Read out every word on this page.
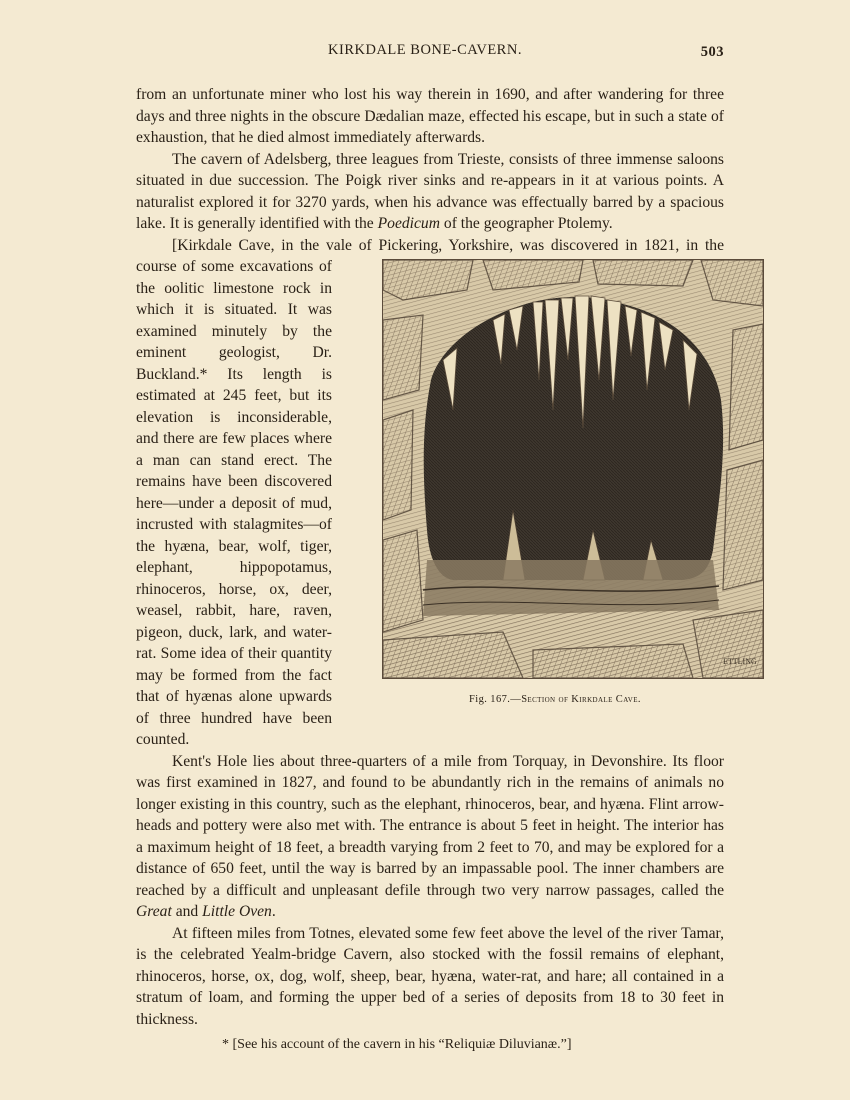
KIRKDALE BONE-CAVERN.	503

from an unfortunate miner who lost his way therein in 1690, and after wandering for three days and three nights in the obscure Dædalian maze, effected his escape, but in such a state of exhaustion, that he died almost immediately afterwards.

The cavern of Adelsberg, three leagues from Trieste, consists of three immense saloons situated in due succession. The Poigk river sinks and re-appears in it at various points. A naturalist explored it for 3270 yards, when his advance was effectually barred by a spacious lake. It is generally identified with the Poedicum of the geographer Ptolemy.

ETTLING
Fig. 167.—Section of Kirkdale Cave.
[Kirkdale Cave, in the vale of Pickering, Yorkshire, was discovered in 1821, in the course of some excavations of the oolitic limestone rock in which it is situated. It was examined minutely by the eminent geologist, Dr. Buckland.* Its length is estimated at 245 feet, but its elevation is inconsiderable, and there are few places where a man can stand erect. The remains have been discovered here—under a deposit of mud, incrusted with stalagmites—of the hyæna, bear, wolf, tiger, elephant, hippopotamus, rhinoceros, horse, ox, deer, weasel, rabbit, hare, raven, pigeon, duck, lark, and water-rat. Some idea of their quantity may be formed from the fact that of hyænas alone upwards of three hundred have been counted.

Kent's Hole lies about three-quarters of a mile from Torquay, in Devonshire. Its floor was first examined in 1827, and found to be abundantly rich in the remains of animals no longer existing in this country, such as the elephant, rhinoceros, bear, and hyæna. Flint arrow-heads and pottery were also met with. The entrance is about 5 feet in height. The interior has a maximum height of 18 feet, a breadth varying from 2 feet to 70, and may be explored for a distance of 650 feet, until the way is barred by an impassable pool. The inner chambers are reached by a difficult and unpleasant defile through two very narrow passages, called the Great and Little Oven.

At fifteen miles from Totnes, elevated some few feet above the level of the river Tamar, is the celebrated Yealm-bridge Cavern, also stocked with the fossil remains of elephant, rhinoceros, horse, ox, dog, wolf, sheep, bear, hyæna, water-rat, and hare; all contained in a stratum of loam, and forming the upper bed of a series of deposits from 18 to 30 feet in thickness.

* [See his account of the cavern in his “Reliquiæ Diluvianæ.”]
